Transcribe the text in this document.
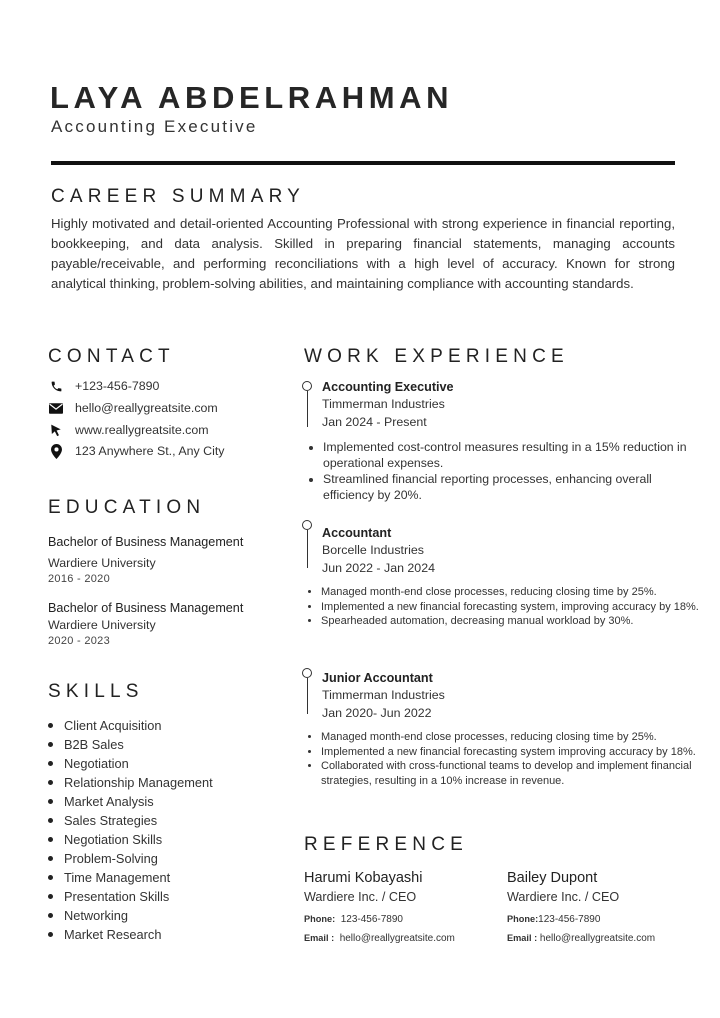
LAYA ABDELRAHMAN
Accounting Executive
CAREER SUMMARY
Highly motivated and detail-oriented Accounting Professional with strong experience in financial reporting, bookkeeping, and data analysis. Skilled in preparing financial statements, managing accounts payable/receivable, and performing reconciliations with a high level of accuracy. Known for strong analytical thinking, problem-solving abilities, and maintaining compliance with accounting standards.
CONTACT
+123-456-7890
hello@reallygreatsite.com
www.reallygreatsite.com
123 Anywhere St., Any City
EDUCATION
Bachelor of Business Management
Wardiere University
2016 - 2020
Bachelor of Business Management
Wardiere University
2020 - 2023
SKILLS
Client Acquisition
B2B Sales
Negotiation
Relationship Management
Market Analysis
Sales Strategies
Negotiation Skills
Problem-Solving
Time Management
Presentation Skills
Networking
Market Research
WORK EXPERIENCE
Accounting Executive
Timmerman Industries
Jan 2024 - Present
• Implemented cost-control measures resulting in a 15% reduction in operational expenses.
• Streamlined financial reporting processes, enhancing overall efficiency by 20%.
Accountant
Borcelle Industries
Jun 2022 - Jan 2024
• Managed month-end close processes, reducing closing time by 25%.
• Implemented a new financial forecasting system, improving accuracy by 18%.
• Spearheaded automation, decreasing manual workload by 30%.
Junior Accountant
Timmerman Industries
Jan 2020- Jun 2022
• Managed month-end close processes, reducing closing time by 25%.
• Implemented a new financial forecasting system improving accuracy by 18%.
• Collaborated with cross-functional teams to develop and implement financial strategies, resulting in a 10% increase in revenue.
REFERENCE
Harumi Kobayashi
Wardiere Inc. / CEO
Phone: 123-456-7890
Email : hello@reallygreatsite.com
Bailey Dupont
Wardiere Inc. / CEO
Phone:123-456-7890
Email : hello@reallygreatsite.com
